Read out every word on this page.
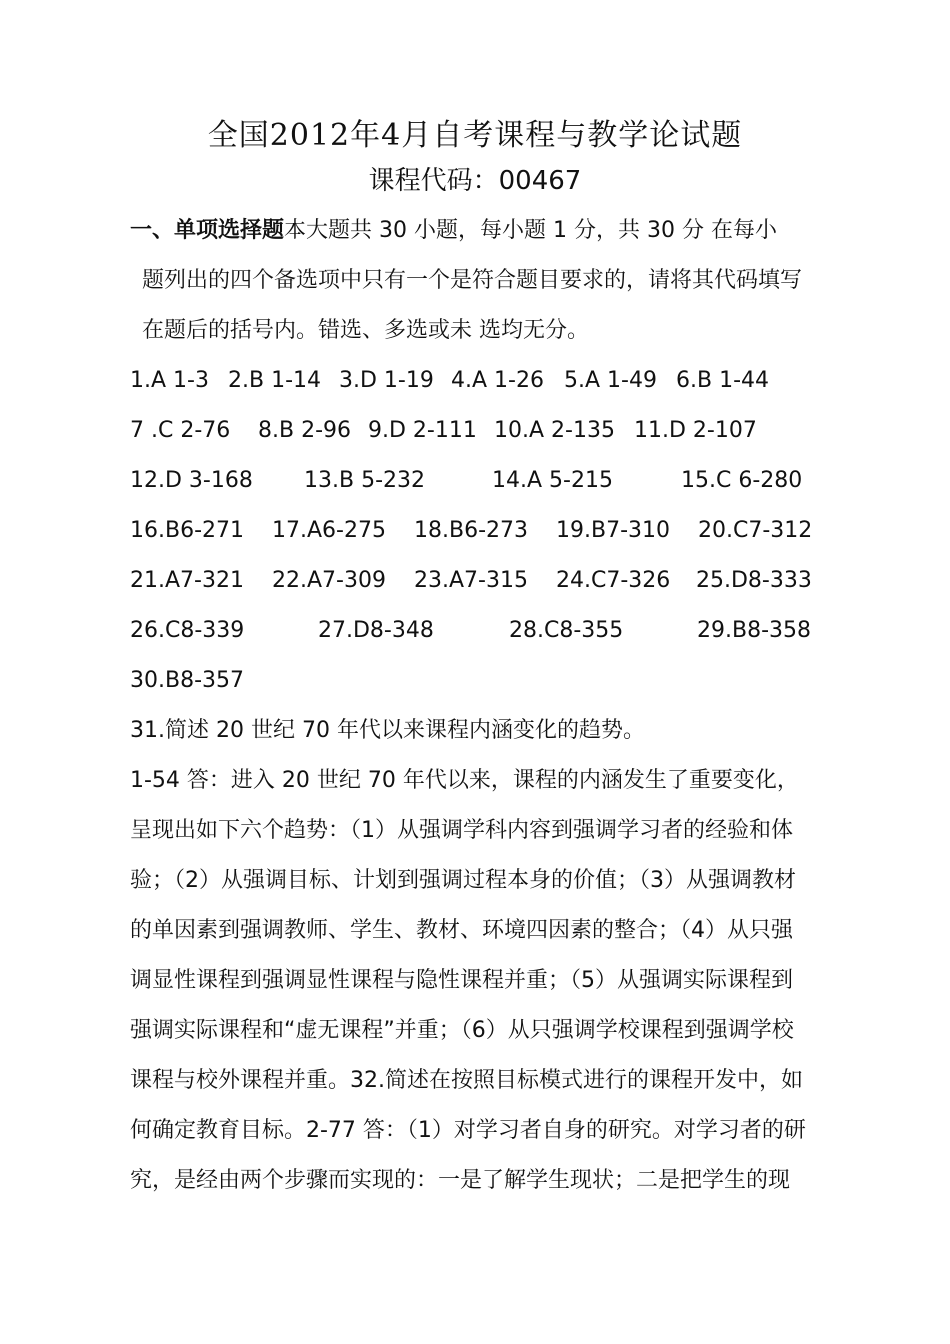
全国2012年4月自考课程与教学论试题
课程代码：00467
一、单项选择题本大题共 30 小题，每小题 1 分，共 30 分 在每小
题列出的四个备选项中只有一个是符合题目要求的，请将其代码填写
在题后的括号内。错选、多选或未 选均无分。
1.A 1-3 2.B 1-14 3.D 1-19 4.A 1-26 5.A 1-49 6.B 1-44
7 .C 2-76 8.B 2-96 9.D 2-111 10.A 2-135 11.D 2-107
12.D 3-168 13.B 5-232	14.A 5-215	15.C 6-280
16.B6-271 17.A6-275 18.B6-273 19.B7-310 20.C7-312
21.A7-321 22.A7-309 23.A7-315 24.C7-326 25.D8-333
26.C8-339	27.D8-348	28.C8-355	29.B8-358
30.B8-357
31.简述 20 世纪 70 年代以来课程内涵变化的趋势。
1-54 答：进入 20 世纪 70 年代以来，课程的内涵发生了重要变化，
呈现出如下六个趋势：（1）从强调学科内容到强调学习者的经验和体
验；（2）从强调目标、计划到强调过程本身的价值；（3）从强调教材
的单因素到强调教师、学生、教材、环境四因素的整合；（4）从只强
调显性课程到强调显性课程与隐性课程并重；（5）从强调实际课程到
强调实际课程和“虚无课程”并重；（6）从只强调学校课程到强调学校
课程与校外课程并重。32.简述在按照目标模式进行的课程开发中，如
何确定教育目标。2-77 答：（1）对学习者自身的研究。对学习者的研
究，是经由两个步骤而实现的：一是了解学生现状；二是把学生的现
